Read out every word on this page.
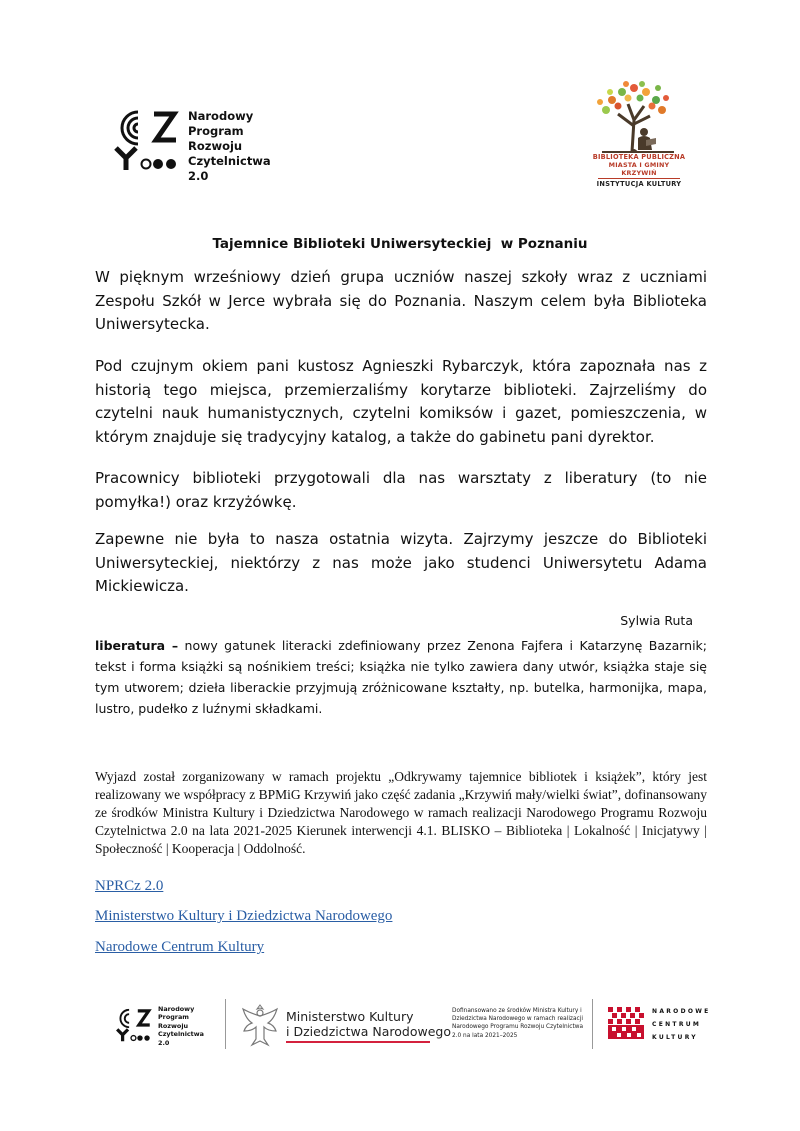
Narodowy
Program
Rozwoju
Czytelnictwa
2.0
BIBLIOTEKA PUBLICZNA
MIASTA I GMINY KRZYWIŃ
INSTYTUCJA KULTURY
Tajemnice Biblioteki Uniwersyteckiej  w Poznaniu
W pięknym wrześniowy dzień grupa uczniów naszej szkoły wraz z uczniami Zespołu Szkół w Jerce wybrała się do Poznania. Naszym celem była Biblioteka Uniwersytecka.
Pod czujnym okiem pani kustosz Agnieszki Rybarczyk, która zapoznała nas z historią tego miejsca, przemierzaliśmy korytarze biblioteki. Zajrzeliśmy do czytelni nauk humanistycznych, czytelni komiksów i gazet, pomieszczenia, w którym znajduje się tradycyjny katalog, a także do gabinetu pani dyrektor.
Pracownicy biblioteki przygotowali dla nas warsztaty z liberatury (to nie pomyłka!) oraz krzyżówkę.
Zapewne nie była to nasza ostatnia wizyta. Zajrzymy jeszcze do Biblioteki Uniwersyteckiej, niektórzy z nas może jako studenci Uniwersytetu Adama Mickiewicza.
Sylwia Ruta
liberatura – nowy gatunek literacki zdefiniowany przez Zenona Fajfera i Katarzynę Bazarnik; tekst i forma książki są nośnikiem treści; książka nie tylko zawiera dany utwór, książka staje się tym utworem; dzieła liberackie przyjmują zróżnicowane kształty, np. butelka, harmonijka, mapa, lustro, pudełko z luźnymi składkami.
Wyjazd został zorganizowany w ramach projektu „Odkrywamy tajemnice bibliotek i książek”, który jest realizowany we współpracy z BPMiG Krzywiń jako część zadania „Krzywiń mały/wielki świat”, dofinansowany ze środków Ministra Kultury i Dziedzictwa Narodowego w ramach realizacji Narodowego Programu Rozwoju Czytelnictwa 2.0 na lata 2021-2025 Kierunek interwencji 4.1. BLISKO – Biblioteka | Lokalność | Inicjatywy | Społeczność | Kooperacja | Oddolność.
NPRCz 2.0
Ministerstwo Kultury i Dziedzictwa Narodowego
Narodowe Centrum Kultury
Narodowy
Program
Rozwoju
Czytelnictwa
2.0
Ministerstwo Kultury
i Dziedzictwa Narodowego
Dofinansowano ze środków Ministra Kultury i Dziedzictwa Narodowego w ramach realizacji Narodowego Programu Rozwoju Czytelnictwa 2.0 na lata 2021–2025
NARODOWE
CENTRUM
KULTURY
